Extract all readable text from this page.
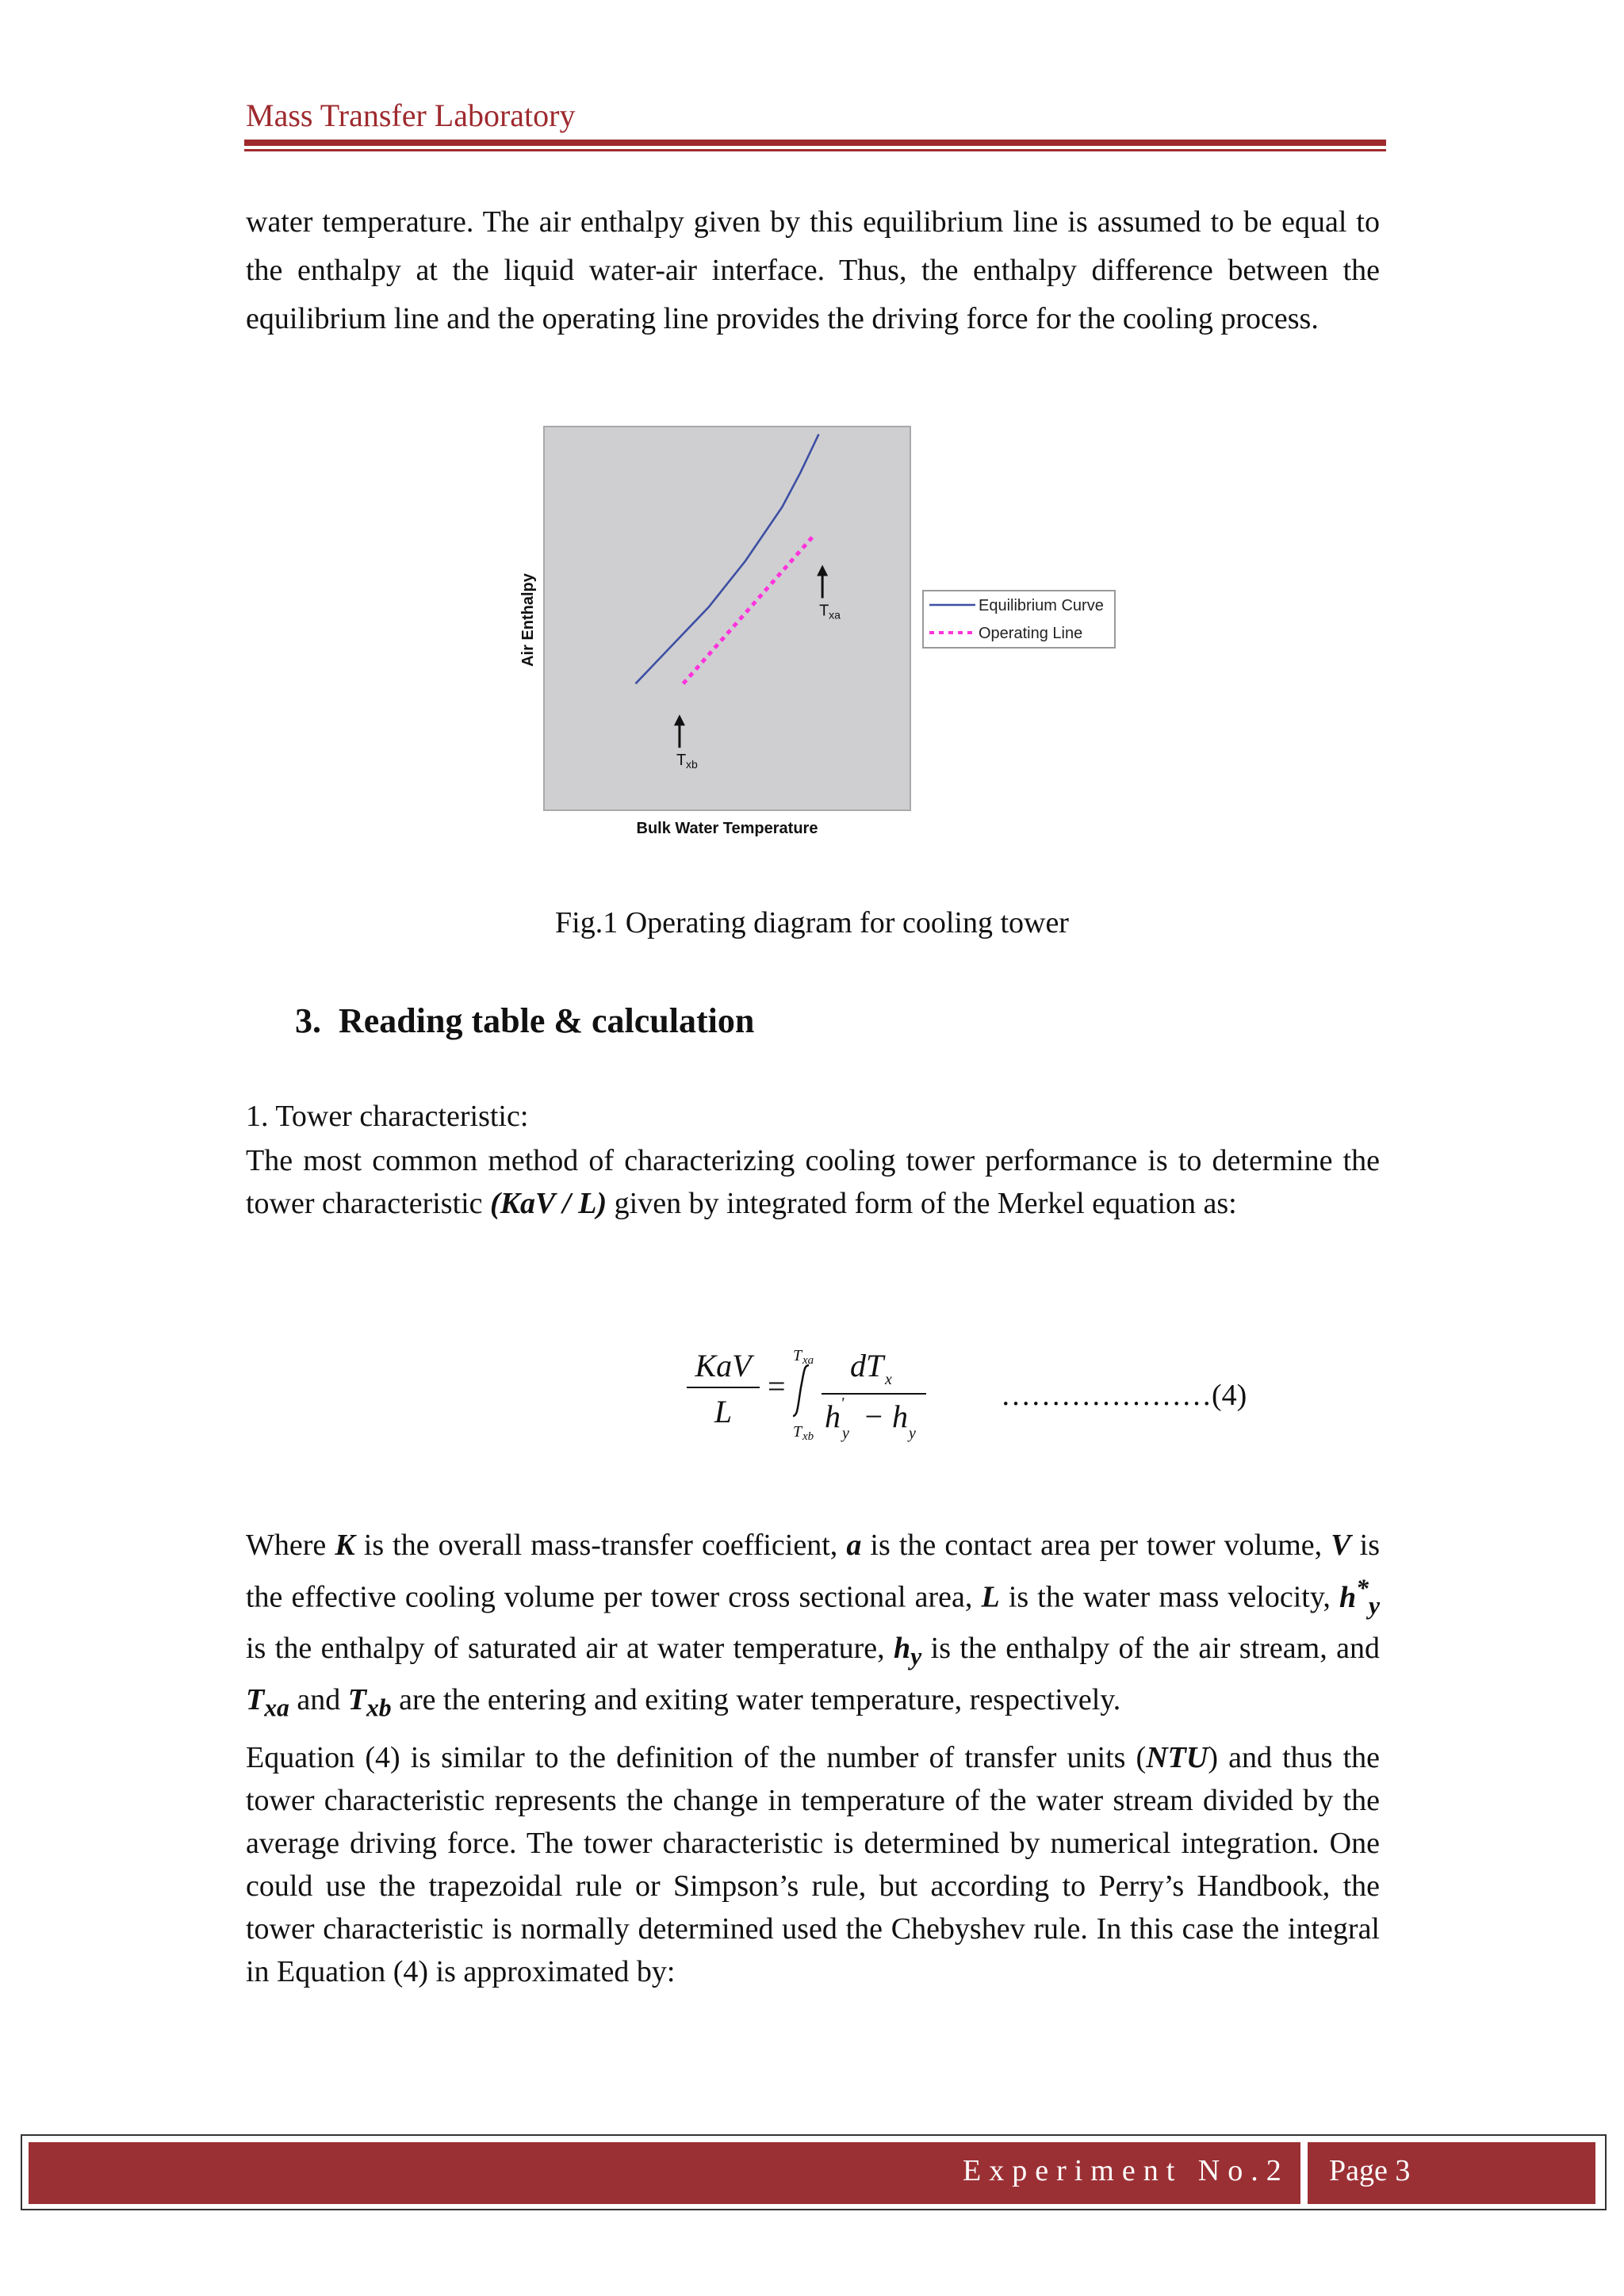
Mass Transfer Laboratory
water temperature. The air enthalpy given by this equilibrium line is assumed to be equal to the enthalpy at the liquid water-air interface. Thus, the enthalpy difference between the equilibrium line and the operating line provides the driving force for the cooling process.
T xa
T xb
Air Enthalpy
Bulk Water Temperature
Equilibrium Curve
Operating Line
Fig.1 Operating diagram for cooling tower
3. Reading table & calculation
1. Tower characteristic:
The most common method of characterizing cooling tower performance is to determine the tower characteristic (KaV / L) given by integrated form of the Merkel equation as:
KaV
L
=
T xa
T xb
dT x
h '
y − h y
…………………(4)
Where K is the overall mass-transfer coefficient, a is the contact area per tower volume, V is the effective cooling volume per tower cross sectional area, L is the water mass velocity, $h^*_y$ is the enthalpy of saturated air at water temperature, $h_y$ is the enthalpy of the air stream, and $T_{xa}$ and $T_{xb}$ are the entering and exiting water temperature, respectively.
Equation (4) is similar to the definition of the number of transfer units (NTU) and thus the tower characteristic represents the change in temperature of the water stream divided by the average driving force. The tower characteristic is determined by numerical integration. One could use the trapezoidal rule or Simpson’s rule, but according to Perry’s Handbook, the tower characteristic is normally determined used the Chebyshev rule. In this case the integral in Equation (4) is approximated by:
Experiment No.2 Page 3
